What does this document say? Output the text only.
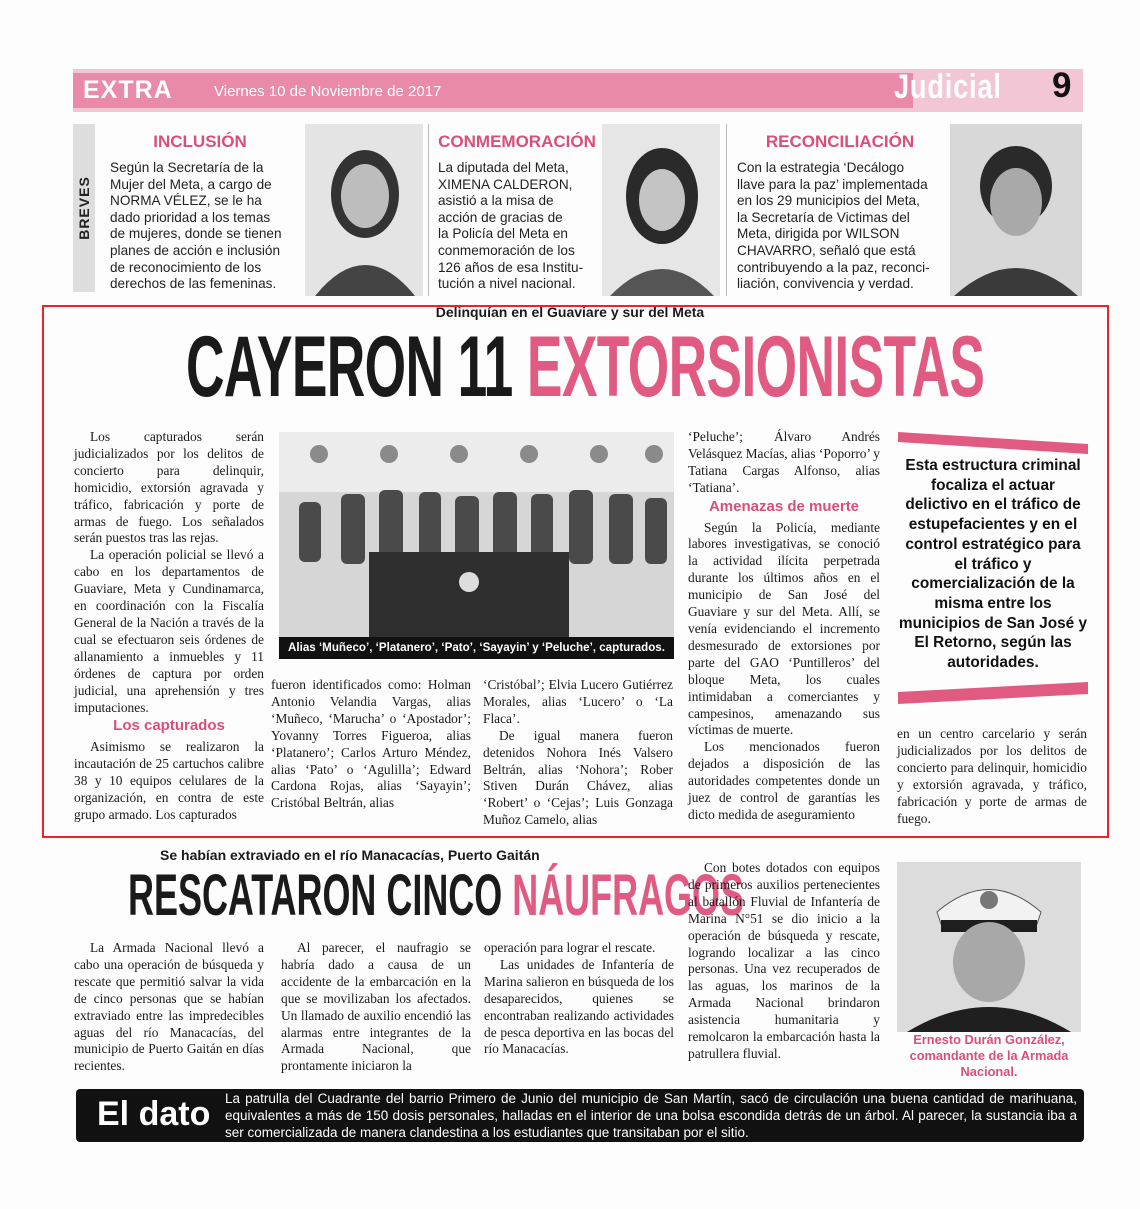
EXTRA	Viernes 10 de Noviembre de 2017	Judicial 9
BREVES
INCLUSIÓN
Según la Secretaría de la
Mujer del Meta, a cargo de
NORMA VÉLEZ, se le ha
dado prioridad a los temas
de mujeres, donde se tienen
planes de acción e inclusión
de reconocimiento de los
derechos de las femeninas.
CONMEMORACIÓN
La diputada del Meta,
XIMENA CALDERON,
asistió a la misa de
acción de gracias de
la Policía del Meta en
conmemoración de los
126 años de esa Institu-
tución a nivel nacional.
RECONCILIACIÓN
Con la estrategia ‘Decálogo
llave para la paz’ implementada
en los 29 municipios del Meta,
la Secretaría de Victimas del
Meta, dirigida por WILSON
CHAVARRO, señaló que está
contribuyendo a la paz, reconci-
liación, convivencia y verdad.
Delinquían en el Guaviare y sur del Meta
CAYERON 11 EXTORSIONISTAS

Los capturados serán judicializados por los delitos de concierto para delinquir, homicidio, extorsión agravada y tráfico, fabricación y porte de armas de fuego. Los señalados serán puestos tras las rejas.

La operación policial se llevó a cabo en los departamentos de Guaviare, Meta y Cundinamarca, en coordinación con la Fiscalía General de la Nación a través de la cual se efectuaron seis órdenes de allanamiento a inmuebles y 11 órdenes de captura por orden judicial, una aprehensión y tres imputaciones.

Los capturados

Asimismo se realizaron la incautación de 25 cartuchos calibre 38 y 10 equipos celulares de la organización, en contra de este grupo armado. Los capturados

Alias ‘Muñeco’, ‘Platanero’, ‘Pato’, ‘Sayayin’ y ‘Peluche’, capturados.

fueron identificados como: Holman Antonio Velandia Vargas, alias ‘Muñeco, ‘Marucha’ o ‘Apostador’; Yovanny Torres Figueroa, alias ‘Platanero’; Carlos Arturo Méndez, alias ‘Pato’ o ‘Agulilla’; Edward Cardona Rojas, alias ‘Sayayin’; Cristóbal Beltrán, alias

‘Cristóbal’; Elvia Lucero Gutiérrez Morales, alias ‘Lucero’ o ‘La Flaca’.

De igual manera fueron detenidos Nohora Inés Valsero Beltrán, alias ‘Nohora’; Rober Stiven Durán Chávez, alias ‘Robert’ o ‘Cejas’; Luis Gonzaga Muñoz Camelo, alias

‘Peluche’; Álvaro Andrés Velásquez Macías, alias ‘Poporro’ y Tatiana Cargas Alfonso, alias ‘Tatiana’.

Amenazas de muerte

Según la Policía, mediante labores investigativas, se conoció la actividad ilícita perpetrada durante los últimos años en el municipio de San José del Guaviare y sur del Meta. Allí, se venía evidenciando el incremento desmesurado de extorsiones por parte del GAO ‘Puntilleros’ del bloque Meta, los cuales intimidaban a comerciantes y campesinos, amenazando sus víctimas de muerte.

Los mencionados fueron dejados a disposición de las autoridades competentes donde un juez de control de garantías les dicto medida de aseguramiento

Esta estructura criminal focaliza el actuar delictivo en el tráfico de estupefacientes y en el control estratégico para el tráfico y comercialización de la misma entre los municipios de San José y El Retorno, según las autoridades.

en un centro carcelario y serán judicializados por los delitos de concierto para delinquir, homicidio y extorsión agravada, y tráfico, fabricación y porte de armas de fuego.

Se habían extraviado en el río Manacacías, Puerto Gaitán
RESCATARON CINCO NÁUFRAGOS

La Armada Nacional llevó a cabo una operación de búsqueda y rescate que permitió salvar la vida de cinco personas que se habían extraviado entre las impredecibles aguas del río Manacacías, del municipio de Puerto Gaitán en días recientes.

Al parecer, el naufragio se habría dado a causa de un accidente de la embarcación en la que se movilizaban los afectados. Un llamado de auxilio encendió las alarmas entre integrantes de la Armada Nacional, que prontamente iniciaron la

operación para lograr el rescate.

Las unidades de Infantería de Marina salieron en búsqueda de los desaparecidos, quienes se encontraban realizando actividades de pesca deportiva en las bocas del río Manacacías.

Con botes dotados con equipos de primeros auxilios pertenecientes al batallón Fluvial de Infantería de Marina N°51 se dio inicio a la operación de búsqueda y rescate, logrando localizar a las cinco personas. Una vez recuperados de las aguas, los marinos de la Armada Nacional brindaron asistencia humanitaria y remolcaron la embarcación hasta la patrullera fluvial.

Ernesto Durán González, comandante de la Armada Nacional.
El dato La patrulla del Cuadrante del barrio Primero de Junio del municipio de San Martín, sacó de circulación una buena cantidad de marihuana, equivalentes a más de 150 dosis personales, halladas en el interior de una bolsa escondida detrás de un árbol. Al parecer, la sustancia iba a ser comercializada de manera clandestina a los estudiantes que transitaban por el sitio.
